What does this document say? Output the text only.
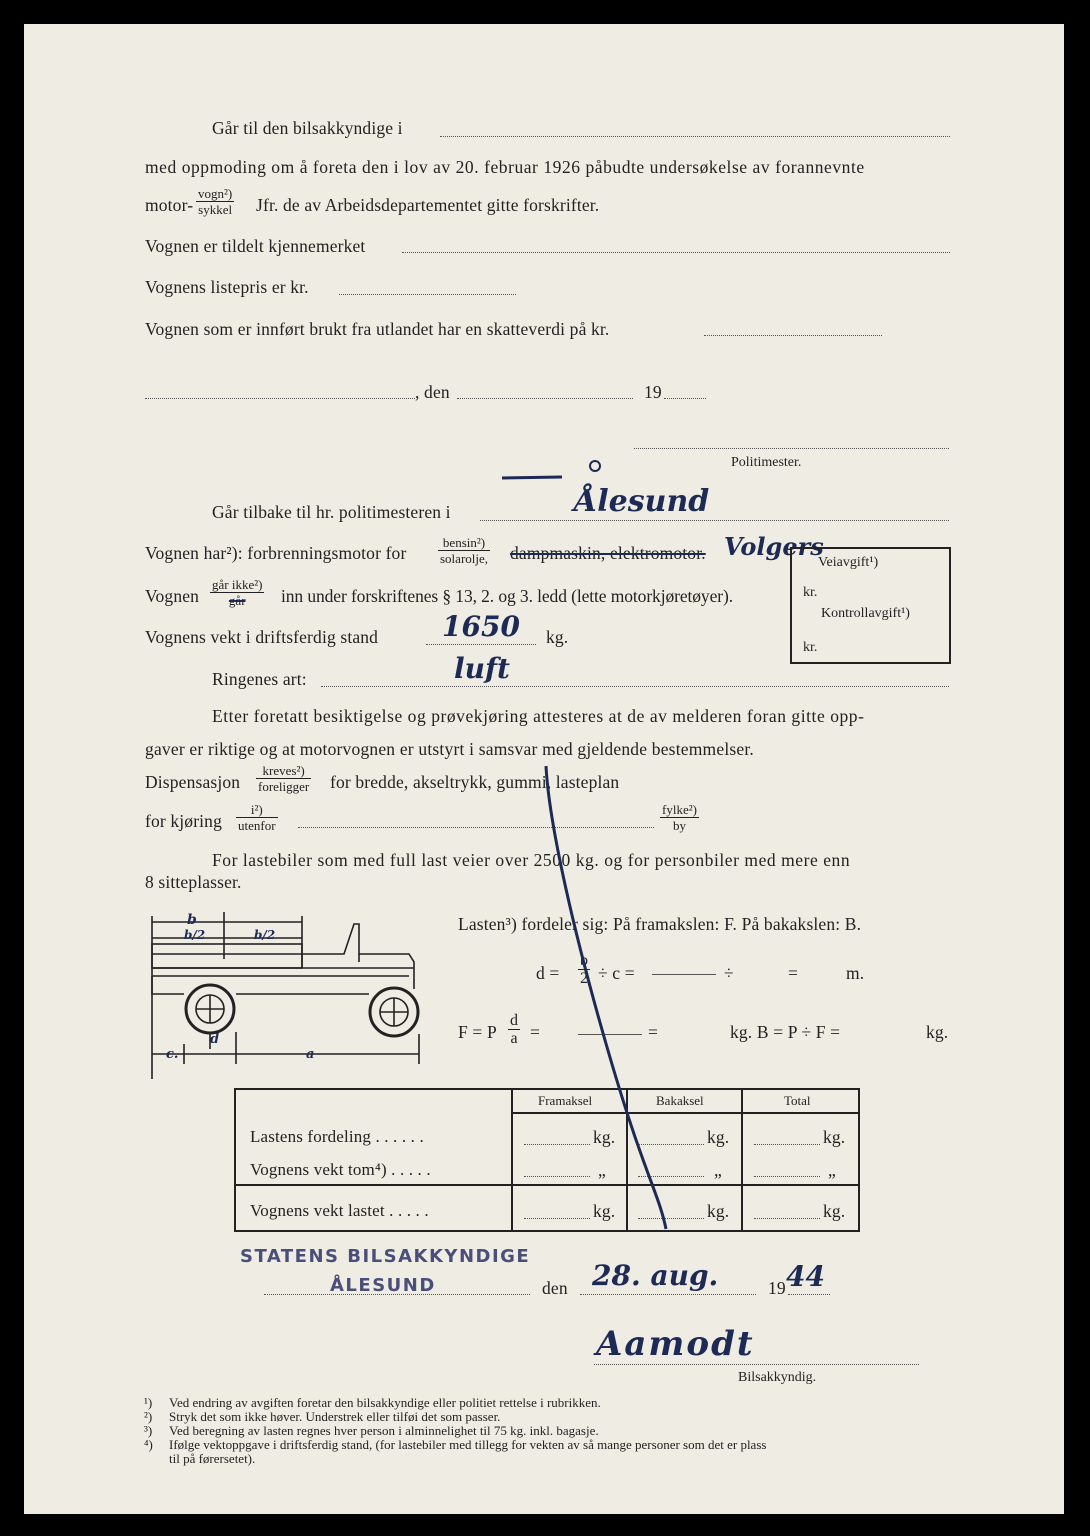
Går til den bilsakkyndige i
med oppmoding om å foreta den i lov av 20. februar 1926 påbudte undersøkelse av forannevnte
motor-
vogn²)
sykkel Jfr. de av Arbeidsdepartementet gitte forskrifter.
Vognen er tildelt kjennemerket
Vognens listepris er kr.
Vognen som er innført brukt fra utlandet har en skatteverdi på kr.
, den	19
Politimester.
Går tilbake til hr. politimesteren i	Ålesund
Vognen har²): forbrenningsmotor for
bensin²)
solarolje, dampmaskin, elektromotor. Volgers
Vognen
går ikke²)
går	inn under forskriftenes § 13, 2. og 3. ledd (lette motorkjøretøyer).
Vognens vekt i driftsferdig stand 1650 kg.
Ringenes art:	luft
Etter foretatt besiktigelse og prøvekjøring attesteres at de av melderen foran gitte opp-
gaver er riktige og at motorvognen er utstyrt i samsvar med gjeldende bestemmelser.
Dispensasjon
kreves²)
foreligger for bredde, akseltrykk, gummi, lasteplan
for kjøring
i²)
utenfor
fylke²)
by
For lastebiler som med full last veier over 2500 kg. og for personbiler med mere enn
8 sitteplasser.
Veiavgift¹)
kr.
Kontrollavgift¹)
kr.
b
b/2	b/2
c.
d
a
Lasten³) fordeler sig: På framakslen: F. På bakakslen: B.
$d = \frac{b}{2} \div c$ =	÷	=	m.
F = P $\frac{d}{a}$ =	=	kg. B = P ÷ F =	kg.
Framaksel	Bakaksel	Total
Lastens fordeling . . . . . .	kg.	kg.	kg.
Vognens vekt tom⁴) . . . . .	„	„	„
Vognens vekt lastet . . . . .	kg.	kg.	kg.
STATENS BILSAKKYNDIGE
ÅLESUND	den 28. aug.	19 44
Aamodt
Bilsakkyndig.
¹) Ved endring av avgiften foretar den bilsakkyndige eller politiet rettelse i rubrikken.
²) Stryk det som ikke høver. Understrek eller tilføi det som passer.
³) Ved beregning av lasten regnes hver person i alminnelighet til 75 kg. inkl. bagasje.
⁴) Ifølge vektoppgave i driftsferdig stand, (for lastebiler med tillegg for vekten av så mange personer som det er plass
til på førersetet).
